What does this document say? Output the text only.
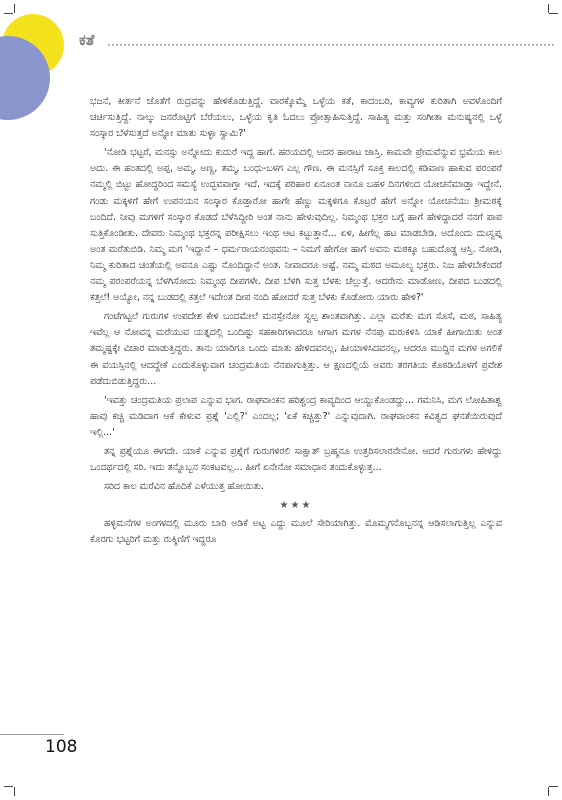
ಕತೆ

ಭಜನೆ, ಕೀರ್ತನೆ ಜೊತೆಗೆ ರುದ್ರವನ್ನು ಹೇಳಿಕೊಡುತ್ತಿದ್ದೆ. ವಾರಕ್ಕೊಮ್ಮೆ ಒಳ್ಳೆಯ ಕತೆ, ಕಾದಂಬರಿ, ಕಾವ್ಯಗಳ ಕುರಿತಾಗಿ ಅವಳೊಂದಿಗೆ ಚರ್ಚಿಸುತ್ತಿದ್ದೆ. ನಾಲ್ಕು ಜನರೊಟ್ಟಿಗೆ ಬೆರೆಯಲು, ಒಳ್ಳೆಯ ಕೃತಿ ಓದಲು ಪ್ರೋತ್ಸಾಹಿಸುತ್ತಿದ್ದೆ. ಸಾಹಿತ್ಯ ಮತ್ತು ಸಂಗೀತಾ ಮನುಷ್ಯನಲ್ಲಿ ಒಳ್ಳೆ ಸಂಸ್ಕಾರ ಬೆಳೆಸುತ್ತದೆ ಅನ್ನೋ ಮಾತು ಸುಳ್ಳಾ ಸ್ವಾಮಿ?'

'ನೋಡಿ ಭಟ್ಟರೆ, ಮನಸ್ಸು ಅನ್ನೋದು ಕುದುರೆ ಇದ್ದ ಹಾಗೆ. ಹರಯದಲ್ಲಿ ಅದರ ಹಾರಾಟ ಜಾಸ್ತಿ. ಕಾಮವೇ ಪ್ರೇಮವೆನ್ನುವ ಭ್ರಮೆಯ ಕಾಲ ಅದು. ಈ ಹಂತದಲ್ಲಿ ಅಪ್ಪ, ಅಮ್ಮ, ಅಣ್ಣ, ತಮ್ಮ, ಬಂಧು-ಬಳಗ ಎಲ್ಲ ಗೌಣ. ಈ ಮನಸ್ಸಿಗೆ ಸೂಕ್ತ ಕಾಲದಲ್ಲಿ ಕಡಿವಾಣ ಹಾಕುವ ಪರಂಪರೆ ನಮ್ಮಲ್ಲಿ ಬಿಟ್ಟು ಹೋದ್ದರಿಂದ ಸಮಸ್ಯೆ ಉದ್ಭವವಾಗ್ತಾ ಇದೆ. ಇದಕ್ಕೆ ಪರಿಹಾರ ಏನೂಂತ ನಾನೂ ಬಹಳ ದಿನಗಳಿಂದ ಯೋಚನೆಮಾಡ್ತಾ ಇದ್ದೇನೆ. ಗಂಡು ಮಕ್ಕಳಿಗೆ ಹೇಗೆ ಉಪನಯನ ಸಂಸ್ಕಾರ ಕೊಡ್ತಾರೋ ಹಾಗೇ ಹೆಣ್ಣು ಮಕ್ಕಳಿಗೂ ಕೊಟ್ರರೆ ಹೇಗೆ ಅನ್ನೋ ಯೋಚನೆಯು ಶ್ರೀಮಠಕ್ಕೆ ಬಂದಿದೆ. ನೀವು ಮಗಳಿಗೆ ಸಂಸ್ಕಾರ ಕೊಡದೆ ಬೆಳೆಸಿದ್ದೀರಿ ಅಂತ ನಾನು ಹೇಳುವುದಿಲ್ಲ. ನಿಮ್ಮಂಥ ಭಕ್ತರ ಬಗ್ಗೆ ಹಾಗೆ ಹೇಳಿದ್ದಾದರೆ ನನಗೆ ಪಾಪ ಸುತ್ತಿಕೊಂಡೀತು. ದೇವರು ನಿಮ್ಮಂಥ ಭಕ್ತರನ್ನ ಪರೀಕ್ಷಿಸಲು ಇಂಥ ಆಟ ಕಟ್ಟುತ್ತಾನೆ... ಏಳಿ, ಹೀಗೆಲ್ಲ ಹಟ ಮಾಡಬೇಡಿ. ಅದೊಂದು ದುಃಸ್ವಪ್ನ ಅಂತ ಮರೆತುಬಿಡಿ. ನಿಮ್ಮ ಮಗ 'ಇದ್ದಾನೆ – ಧರ್ಮರಾಯನಂಥವನು – ನಿಮಗೆ ಹೇಗೋ ಹಾಗೆ ಅವನು ಮಠಕ್ಕೂ ಬಹುದೊಡ್ಡ ಆಸ್ತಿ. ನೋಡಿ, ನಿಮ್ಮ ಕುರಿತಾದ ಚಿಂತೆಯಲ್ಲಿ ಅವನೂ ಎಷ್ಟು ನೊಂದಿದ್ದಾನೆ ಅಂತ. ನೀವಾದರೂ ಅಷ್ಟೆ. ನಮ್ಮ ಮಠದ ಅಮೂಲ್ಯ ಭಕ್ತರು. ನಿಜ ಹೇಳಬೇಕೆಂದರೆ ನಮ್ಮ ಪರಂಪರೆಯನ್ನ ಬೆಳಗಿಸೋದು ನಿಮ್ಮಂಥ ದೀಪಗಳೇ. ದೀಪ ಬೆಳಗಿ ಸುತ್ತ ಬೆಳಕು ಚೆಲ್ಲುತ್ತೆ. ಆದರೇನು ಮಾಡೋಣ, ದೀಪದ ಬುಡದಲ್ಲಿ ಕತ್ತಲೆ! ಅಯ್ಯೋ, ನನ್ನ ಬುಡದಲ್ಲಿ ಕತ್ತಲೆ ಇದೇಂತ ದೀಪ ನಂದಿ ಹೋದರೆ ಸುತ್ತ ಬೆಳಕು ಕೊಡೋರು ಯಾರು ಹೇಳಿ?'

ಗಂಟೆಗಟ್ಟಲೆ ಗುರುಗಳ ಉಪದೇಶ ಕೇಳಿ ಬಂದಮೇಲೆ ಮನಸ್ಸೇನೋ ಸ್ವಲ್ಪ ಶಾಂತವಾಗಿತ್ತು. ಎಲ್ಲಾ ಮರೆತು ಮಗ ಸೊಸೆ, ಮಠ, ಸಾಹಿತ್ಯ ಇವೆಲ್ಲ ಆ ನೋವನ್ನ ಮರೆಯುವ ಯತ್ನದಲ್ಲಿ ಒಂದಿಷ್ಟು ಸಹಕಾರಿಗಳಾದರೂ ಆಗಾಗ ಮಗಳ ನೆನಪು ಮರುಕಳಿಸಿ ಯಾಕೆ ಹೀಗಾಯಿತು ಅಂತ ತಮ್ಮಷ್ಟಕ್ಕೇ ವಿಚಾರ ಮಾಡುತ್ತಿದ್ದರು. ತಾನು ಯಾರಿಗೂ ಒಂದು ಮಾತು ಹೇಳಿದವನಲ್ಲ, ಹೀಯಾಳಿಸಿದವನಲ್ಲ, ಆದರೂ ಮುದ್ದಿನ ಮಗಳ ಅಗಲಿಕೆ ಈ ವಯಸ್ಸಿನಲ್ಲಿ ಆದದ್ದೇಕೆ ಎಂದುಕೊಳ್ಳುವಾಗ ಚಂದ್ರಮತಿಯ ನೆನಪಾಗುತ್ತಿತ್ತು. ಆ ಕ್ಷಣದಲ್ಲಿಯೆ ಅವರು ತರಗತಿಯ ಕೊಠಡಿಯೊಳಗೆ ಪ್ರವೇಶ ಪಡೆದುಬಿಡುತ್ತಿದ್ದರು...

'ಇವತ್ತು ಚಂದ್ರಮತಿಯ ಪ್ರಲಾಪ ಎನ್ನುವ ಭಾಗ. ರಾಘವಾಂಕನ ಹರಿಶ್ಚಂದ್ರ ಕಾವ್ಯದಿಂದ ಆಯ್ದುಕೊಂಡದ್ದು... ಗಮನಿಸಿ, ಮಗ ಲೋಹಿತಾಶ್ವ ಹಾವು ಕಚ್ಚಿ ಮಡಿದಾಗ ಆಕೆ ಕೇಳುವ ಪ್ರಶ್ನೆ 'ಎಲ್ಲಿ?' ಎಂದಲ್ಲ; 'ಏಕೆ ಕಚ್ಚಿತ್ತು?' ಎನ್ನುವುದಾಗಿ. ರಾಘವಾಂಕನ ಕವಿತ್ವದ ಘನತೆಯಿರುವುದೆ ಇಲ್ಲಿ...'

ತನ್ನ ಪ್ರಶ್ನೆಯೂ ಈಗದೇ. ಯಾಕೆ ಎನ್ನುವ ಪ್ರಶ್ನೆಗೆ ಗುರುಗಳಿರಲಿ ಸಾಕ್ಷಾತ್ ಬ್ರಹ್ಮನೂ ಉತ್ತರಿಸಲಾರನೇನೋ. ಆದರೆ ಗುರುಗಳು ಹೇಳಿದ್ದು ಒಂದರ್ಥದಲ್ಲಿ ಸರಿ. ಇದು ತನ್ನೊಬ್ಬನ ಸಂಕಟವಲ್ಲ... ಹೀಗೆ ಏನೇನೋ ಸಮಾಧಾನ ತಂದುಕೊಳ್ಳುತ್ತ...

ಸರಿದ ಕಾಲ ಮರೆವಿನ ಹೊದಿಕೆ ಎಳೆಯುತ್ತ ಹೋಯಿತು.

★★★

ಹಳ್ಳಿಮನೆಗಳ ಅಂಗಳದಲ್ಲಿ ಮೂರು ಬಾರಿ ಅಡಿಕೆ ಅಟ್ಟ ಎದ್ದು ಮೂಲೆ ಸೇರಿಯಾಗಿತ್ತು. ಮೊಮ್ಮಗನೊಬ್ಬನನ್ನ ಆಡಿಸಲಾಗುತ್ತಿಲ್ಲ ಎನ್ನುವ ಕೊರಗು ಭಟ್ಟರಿಗೆ ಮತ್ತು ರುಕ್ಮಿಣಿಗೆ ಇದ್ದರೂ

108
